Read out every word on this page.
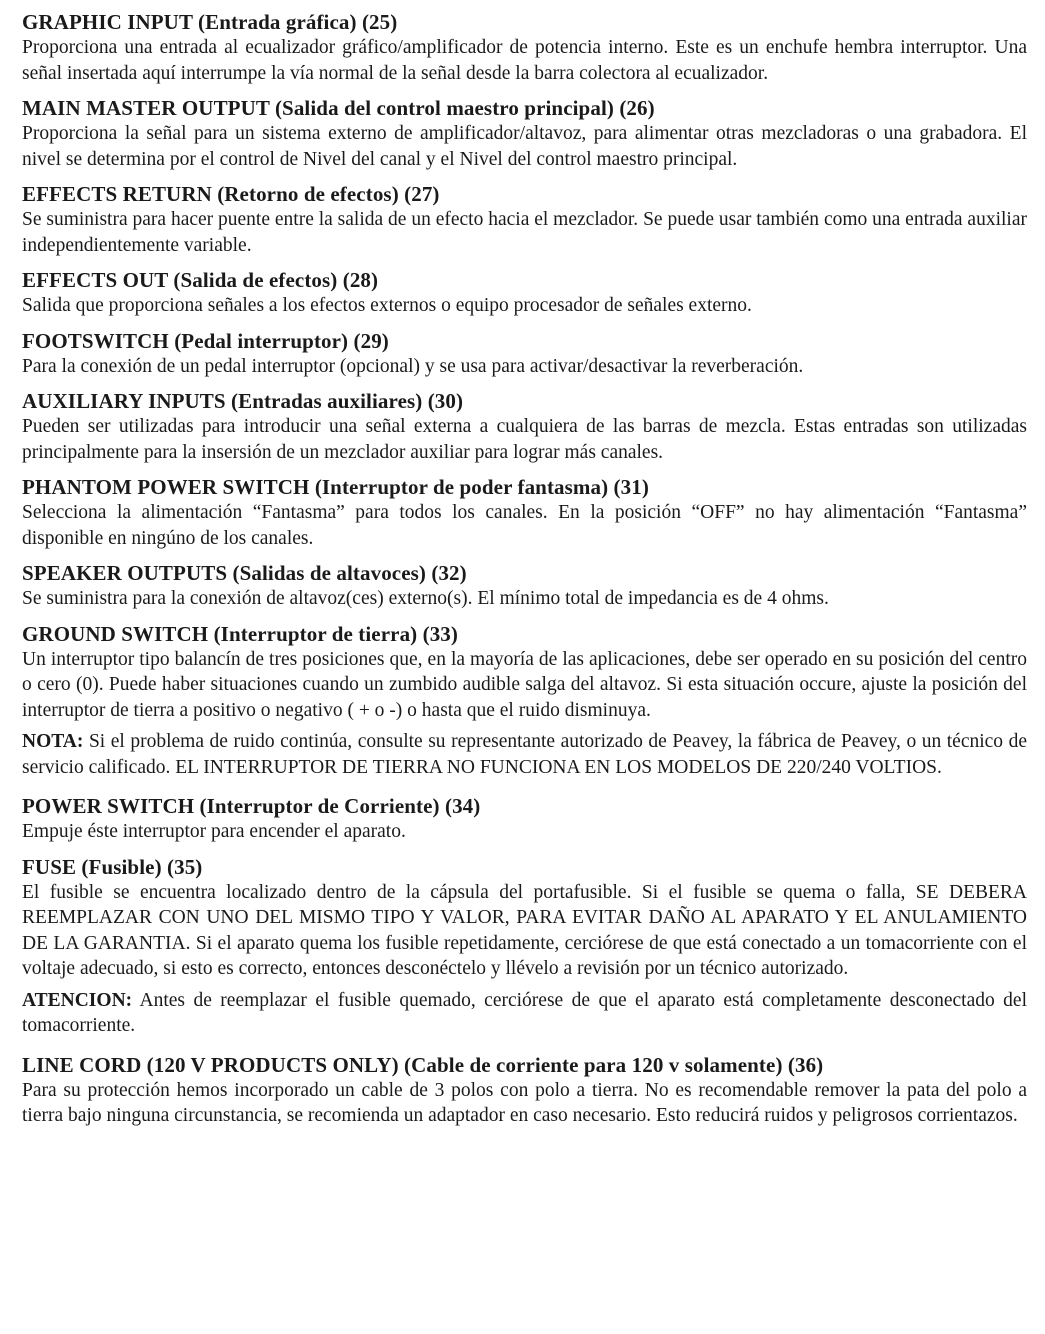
GRAPHIC INPUT (Entrada gráfica) (25)
Proporciona una entrada al ecualizador gráfico/amplificador de potencia interno. Este es un enchufe hembra interruptor. Una señal insertada aquí interrumpe la vía normal de la señal desde la barra colectora al ecualizador.
MAIN MASTER OUTPUT (Salida del control maestro principal) (26)
Proporciona la señal para un sistema externo de amplificador/altavoz, para alimentar otras mezcladoras o una grabadora. El nivel se determina por el control de Nivel del canal y el Nivel del control maestro principal.
EFFECTS RETURN (Retorno de efectos) (27)
Se suministra para hacer puente entre la salida de un efecto hacia el mezclador. Se puede usar también como una entrada auxiliar independientemente variable.
EFFECTS OUT (Salida de efectos) (28)
Salida que proporciona señales a los efectos externos o equipo procesador de señales externo.
FOOTSWITCH (Pedal interruptor) (29)
Para la conexión de un pedal interruptor (opcional) y se usa para activar/desactivar la reverberación.
AUXILIARY INPUTS (Entradas auxiliares) (30)
Pueden ser utilizadas para introducir una señal externa a cualquiera de las barras de mezcla. Estas entradas son utilizadas principalmente para la insersión de un mezclador auxiliar para lograr más canales.
PHANTOM POWER SWITCH (Interruptor de poder fantasma) (31)
Selecciona la alimentación “Fantasma” para todos los canales. En la posición “OFF” no hay alimentación “Fantasma” disponible en ningúno de los canales.
SPEAKER OUTPUTS (Salidas de altavoces) (32)
Se suministra para la conexión de altavoz(ces) externo(s). El mínimo total de impedancia es de 4 ohms.
GROUND SWITCH (Interruptor de tierra) (33)
Un interruptor tipo balancín de tres posiciones que, en la mayoría de las aplicaciones, debe ser operado en su posición del centro o cero (0). Puede haber situaciones cuando un zumbido audible salga del altavoz. Si esta situación occure, ajuste la posición del interruptor de tierra a positivo o negativo ( + o -) o hasta que el ruido disminuya.
NOTA: Si el problema de ruido continúa, consulte su representante autorizado de Peavey, la fábrica de Peavey, o un técnico de servicio calificado. EL INTERRUPTOR DE TIERRA NO FUNCIONA EN LOS MODELOS DE 220/240 VOLTIOS.
POWER SWITCH (Interruptor de Corriente) (34)
Empuje éste interruptor para encender el aparato.
FUSE (Fusible) (35)
El fusible se encuentra localizado dentro de la cápsula del portafusible. Si el fusible se quema o falla, SE DEBERA REEMPLAZAR CON UNO DEL MISMO TIPO Y VALOR, PARA EVITAR DAÑO AL APARATO Y EL ANULAMIENTO DE LA GARANTIA. Si el aparato quema los fusible repetidamente, cerciórese de que está conectado a un tomacorriente con el voltaje adecuado, si esto es correcto, entonces desconéctelo y llévelo a revisión por un técnico autorizado.
ATENCION: Antes de reemplazar el fusible quemado, cerciórese de que el aparato está completamente desconectado del tomacorriente.
LINE CORD (120 V PRODUCTS ONLY) (Cable de corriente para 120 v solamente) (36)
Para su protección hemos incorporado un cable de 3 polos con polo a tierra. No es recomendable remover la pata del polo a tierra bajo ninguna circunstancia, se recomienda un adaptador en caso necesario. Esto reducirá ruidos y peligrosos corrientazos.
